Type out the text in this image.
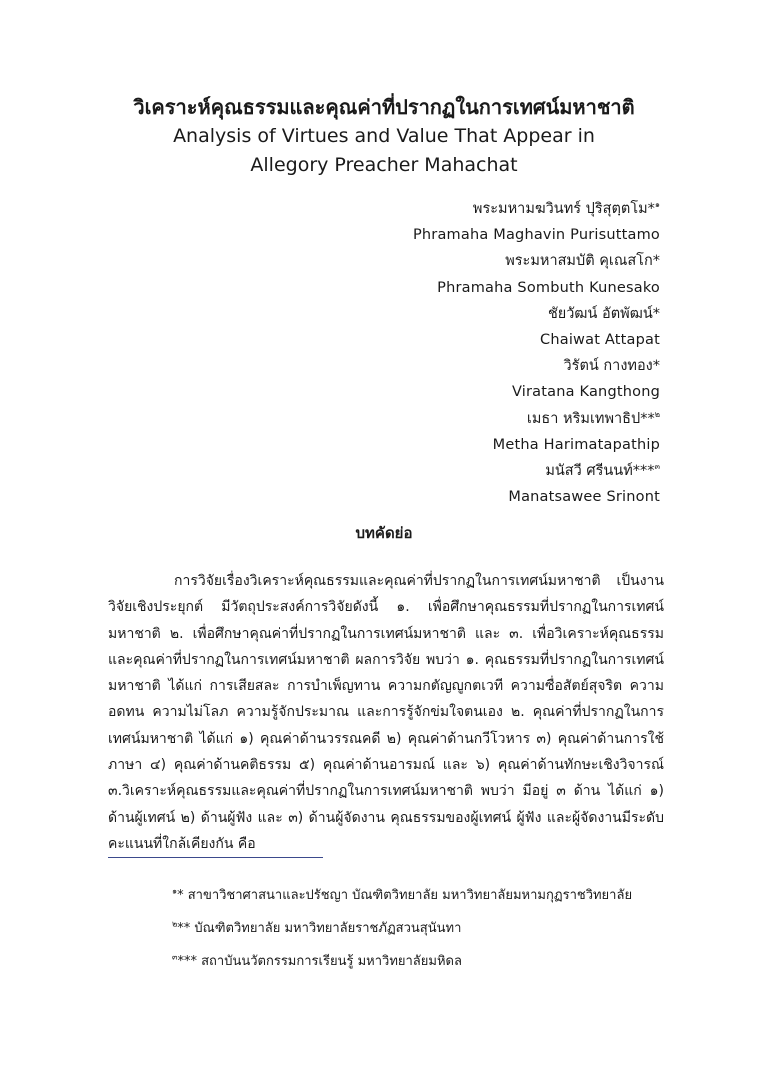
วิเคราะห์คุณธรรมและคุณค่าที่ปรากฏในการเทศน์มหาชาติ

Analysis of Virtues and Value That Appear in

Allegory Preacher Mahachat

พระมหามฆวินทร์ ปุริสุตฺตโม*$^๑$
Phramaha Maghavin Purisuttamo
พระมหาสมบัติ คุเณสโก*
Phramaha Sombuth Kunesako
ชัยวัฒน์ อัตพัฒน์*
Chaiwat Attapat
วิรัตน์ กางทอง*
Viratana Kangthong
เมธา หริมเทพาธิป**$^๒$
Metha Harimatapathip
มนัสวี ศรีนนท์***$^๓$
Manatsawee Srinont

บทคัดย่อ

การวิจัยเรื่องวิเคราะห์คุณธรรมและคุณค่าที่ปรากฏในการเทศน์มหาชาติ เป็นงานวิจัยเชิงประยุกต์ มีวัตถุประสงค์การวิจัยดังนี้ ๑. เพื่อศึกษาคุณธรรมที่ปรากฏในการเทศน์มหาชาติ ๒. เพื่อศึกษาคุณค่าที่ปรากฏในการเทศน์มหาชาติ และ ๓. เพื่อวิเคราะห์คุณธรรมและคุณค่าที่ปรากฏในการเทศน์มหาชาติ ผลการวิจัย พบว่า ๑. คุณธรรมที่ปรากฏในการเทศน์มหาชาติ ได้แก่ การเสียสละ การบำเพ็ญทาน ความกตัญญูกตเวที ความซื่อสัตย์สุจริต ความอดทน ความไม่โลภ ความรู้จักประมาณ และการรู้จักข่มใจตนเอง ๒. คุณค่าที่ปรากฏในการเทศน์มหาชาติ ได้แก่ ๑) คุณค่าด้านวรรณคดี ๒) คุณค่าด้านกวีโวหาร ๓) คุณค่าด้านการใช้ภาษา ๔) คุณค่าด้านคติธรรม ๕) คุณค่าด้านอารมณ์ และ ๖) คุณค่าด้านทักษะเชิงวิจารณ์ ๓.วิเคราะห์คุณธรรมและคุณค่าที่ปรากฏในการเทศน์มหาชาติ พบว่า มีอยู่ ๓ ด้าน ได้แก่ ๑) ด้านผู้เทศน์ ๒) ด้านผู้ฟัง และ ๓) ด้านผู้จัดงาน คุณธรรมของผู้เทศน์ ผู้ฟัง และผู้จัดงานมีระดับคะแนนที่ใกล้เคียงกัน คือ

$^๑$* สาขาวิชาศาสนาและปรัชญา บัณฑิตวิทยาลัย มหาวิทยาลัยมหามกุฏราชวิทยาลัย
$^๒$** บัณฑิตวิทยาลัย มหาวิทยาลัยราชภัฏสวนสุนันทา
$^๓$*** สถาบันนวัตกรรมการเรียนรู้ มหาวิทยาลัยมหิดล
